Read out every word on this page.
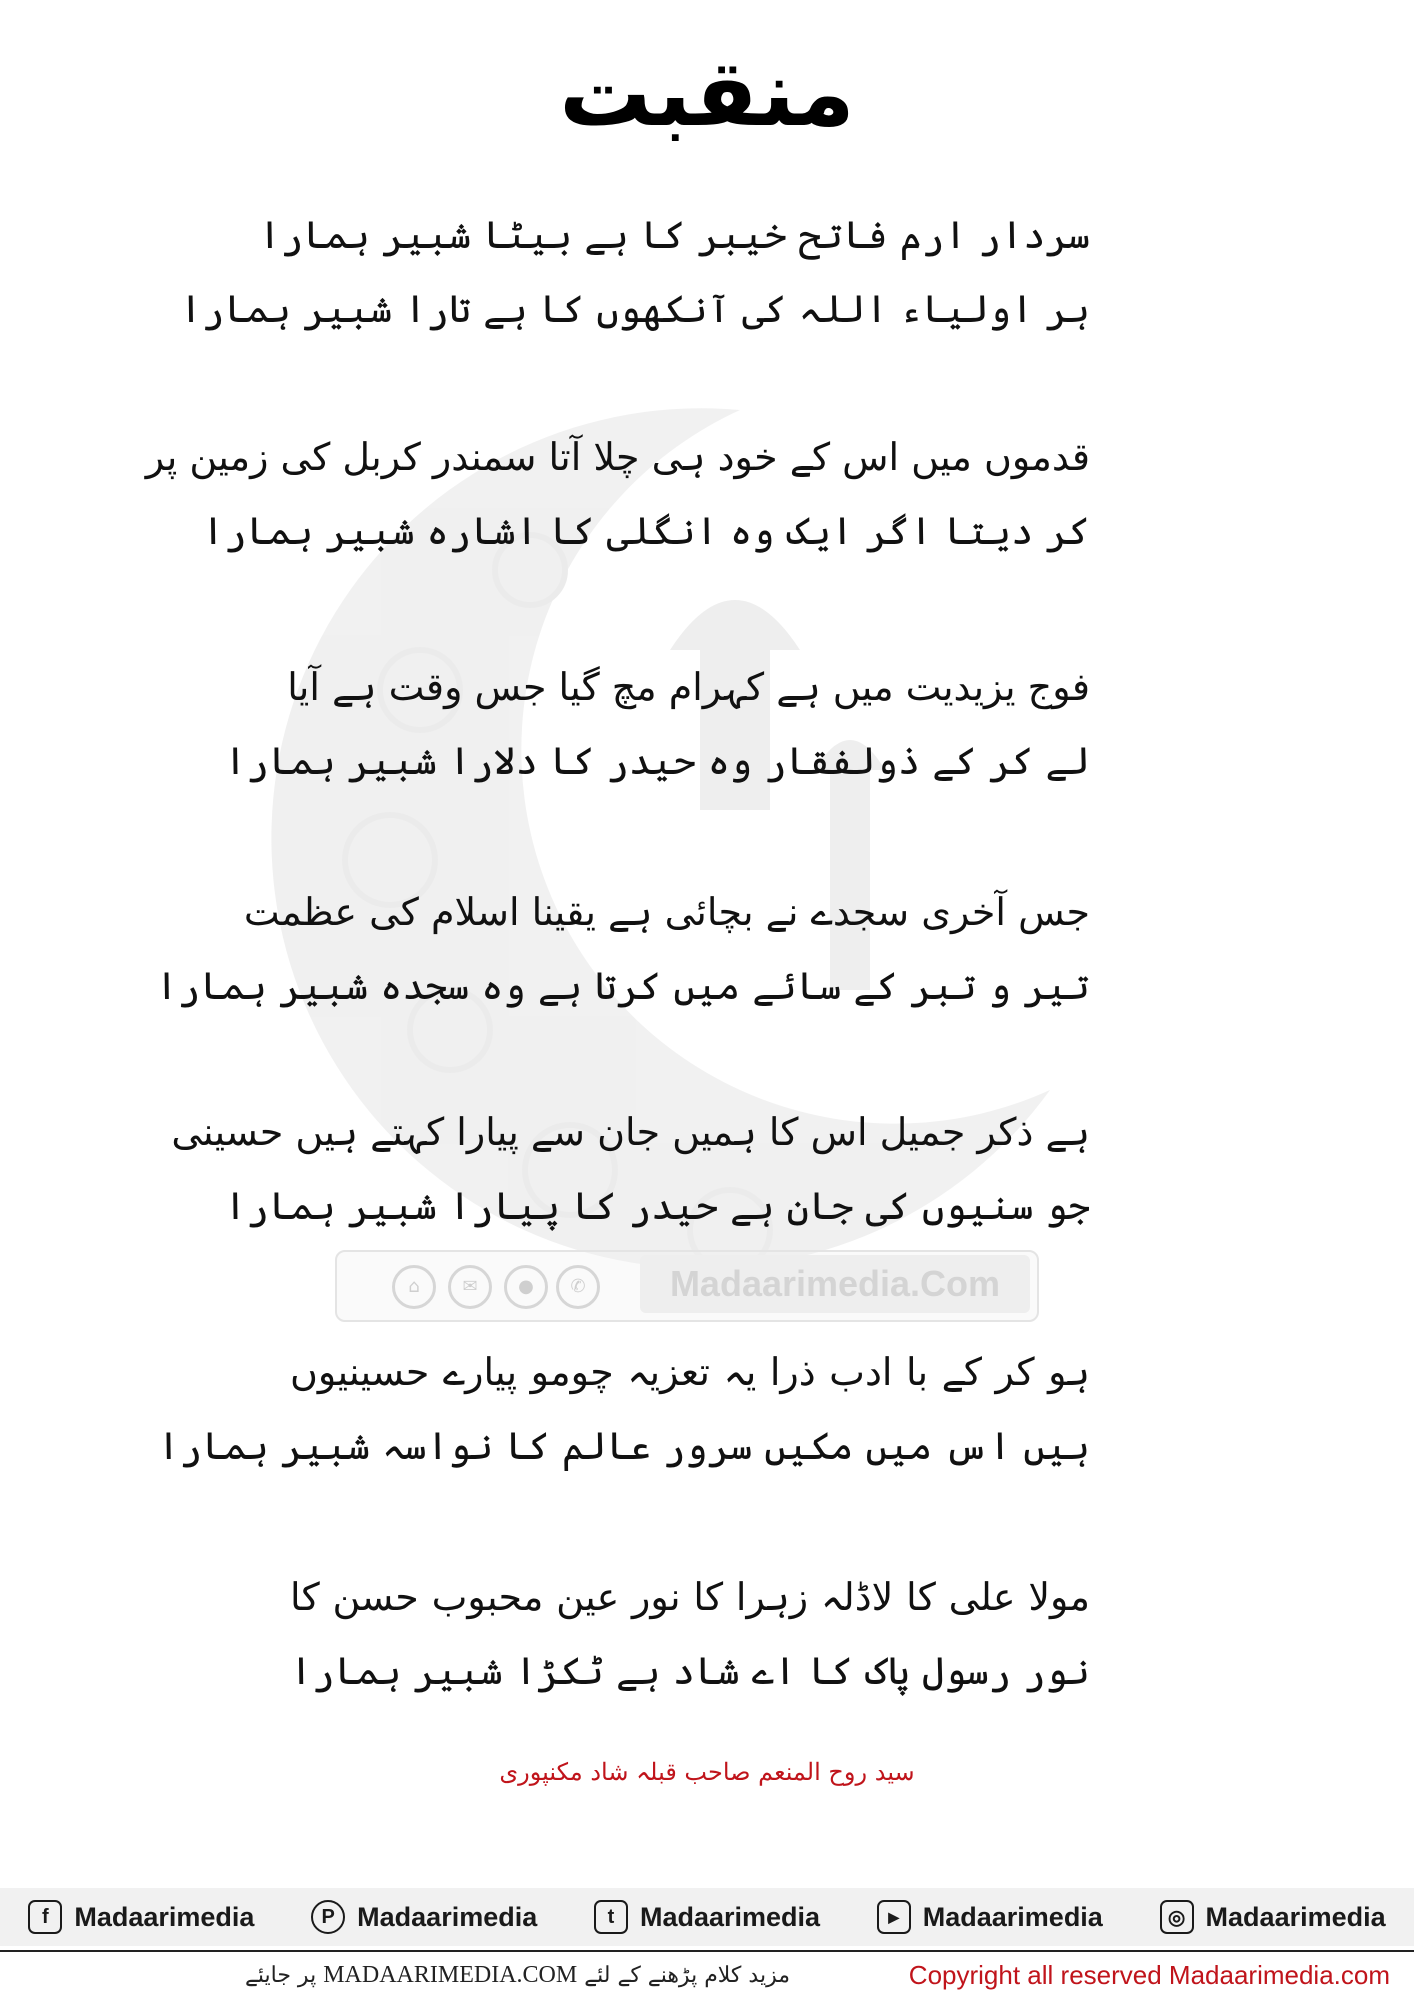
⌂	✉	●	✆	Madaarimedia.Com
منقبت
سردار ارم فاتح خیبر کا ہے بیٹا شبیر ہمارا
ہر اولیاء اللہ کی آنکھوں کا ہے تارا شبیر ہمارا
قدموں میں اس کے خود ہی چلا آتا سمندر کربل کی زمین پر
کر دیتا اگر ایک وہ انگلی کا اشارہ شبیر ہمارا
فوج یزیدیت میں ہے کہرام مچ گیا جس وقت ہے آیا
لے کر کے ذولفقار وہ حیدر کا دلارا شبیر ہمارا
جس آخری سجدے نے بچائی ہے یقینا اسلام کی عظمت
تیر و تبر کے سائے میں کرتا ہے وہ سجدہ شبیر ہمارا
ہے ذکر جمیل اس کا ہمیں جان سے پیارا کہتے ہیں حسینی
جو سنیوں کی جان ہے حیدر کا پیارا شبیر ہمارا
ہو کر کے با ادب ذرا یہ تعزیہ چومو پیارے حسینیوں
ہیں اس میں مکیں سرور عالم کا نواسہ شبیر ہمارا
مولا علی کا لاڈلہ زہرا کا نور عین محبوب حسن کا
نور رسول پاک کا اے شاد ہے ٹکڑا شبیر ہمارا
سید روح المنعم صاحب قبلہ شاد مکنپوری
f Madaarimedia	P Madaarimedia	t Madaarimedia	▶ Madaarimedia	◎ Madaarimedia
مزید کلام پڑھنے کے لئے MADAARIMEDIA.COM پر جایئے	Copyright all reserved Madaarimedia.com
